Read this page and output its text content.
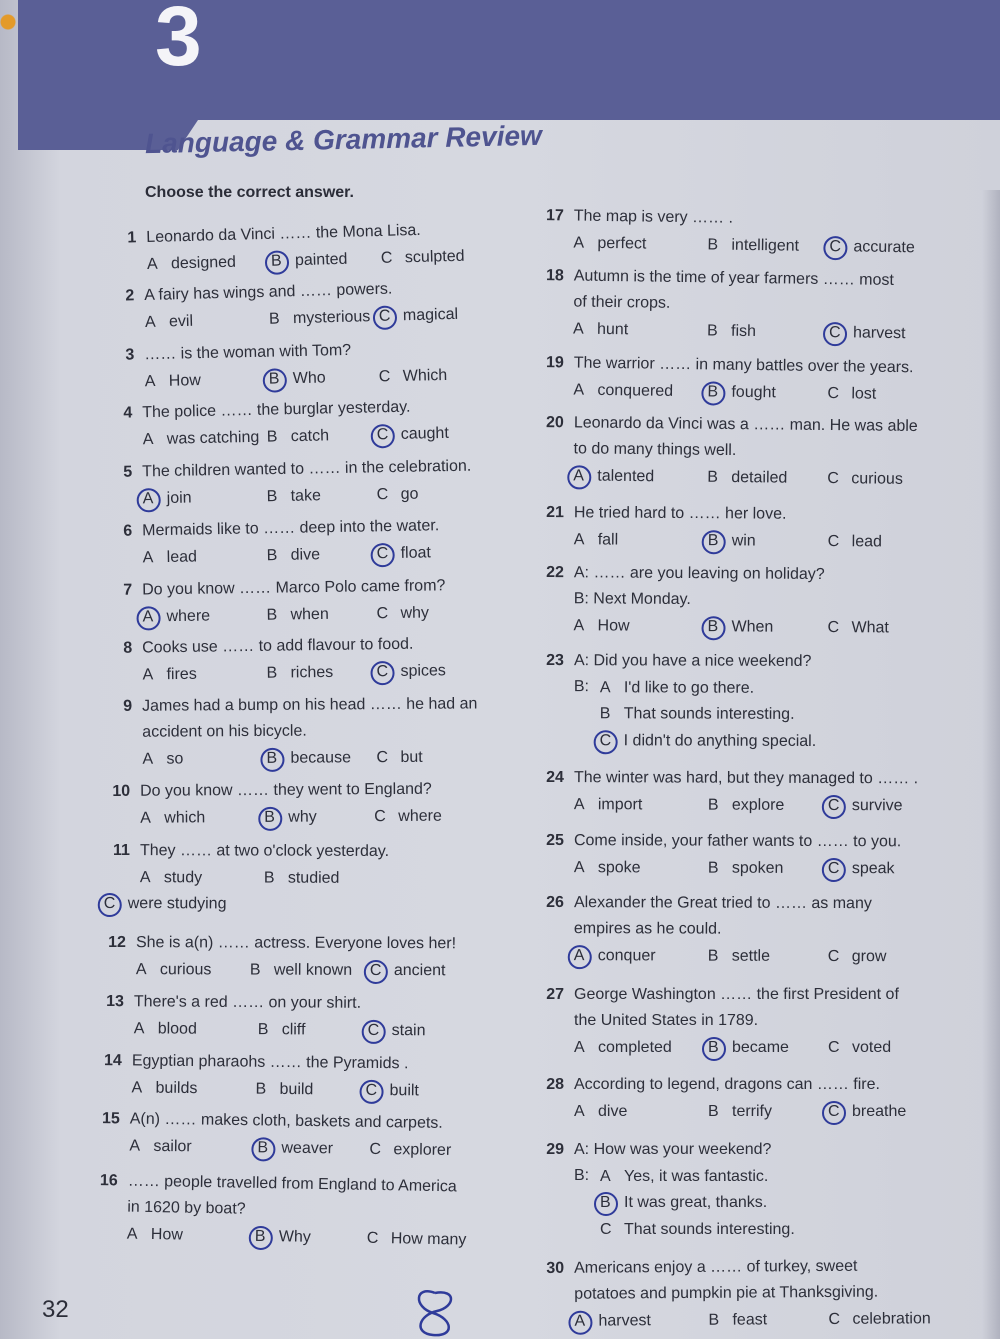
3
Language & Grammar Review
Choose the correct answer.
1 Leonardo da Vinci …… the Mona Lisa.
A designed B painted C sculpted
2 A fairy has wings and …… powers.
A evil	B mysterious C magical
3 …… is the woman with Tom?
A How	B Who	C Which
4 The police …… the burglar yesterday.
A was catching B catch	C caught
5 The children wanted to …… in the celebration.
A join	B take	C go
6 Mermaids like to …… deep into the water.
A lead	B dive	C float
7 Do you know …… Marco Polo came from?
A where	B when	C why
8 Cooks use …… to add flavour to food.
A fires	B riches	C spices
9 James had a bump on his head …… he had an
accident on his bicycle.
A so	B because C but
10 Do you know …… they went to England?
A which	B why	C where
11 They …… at two o'clock yesterday.
A study	B studied
C were studying
12 She is a(n) …… actress. Everyone loves her!
A curious B well known C ancient
13 There's a red …… on your shirt.
A blood	B cliff	C stain
14 Egyptian pharaohs …… the Pyramids .
A builds	B build	C built
15 A(n) …… makes cloth, baskets and carpets.
A sailor	B weaver C explorer
16 …… people travelled from England to America
in 1620 by boat?
A How	B Why	C How many
17 The map is very …… .
A perfect	B intelligent C accurate
18 Autumn is the time of year farmers …… most
of their crops.
A hunt	B fish	C harvest
19 The warrior …… in many battles over the years.
A conquered B fought	C lost
20 Leonardo da Vinci was a …… man. He was able
to do many things well.
A talented	B detailed C curious
21 He tried hard to …… her love.
A fall	B win	C lead
22 A: …… are you leaving on holiday?
B: Next Monday.
A How	B When	C What
23 A: Did you have a nice weekend?
B: A I'd like to go there.
B That sounds interesting.
C I didn't do anything special.
24 The winter was hard, but they managed to …… .
A import	B explore	C survive
25 Come inside, your father wants to …… to you.
A spoke	B spoken	C speak
26 Alexander the Great tried to …… as many
empires as he could.
A conquer	B settle	C grow
27 George Washington …… the first President of
the United States in 1789.
A completed B became C voted
28 According to legend, dragons can …… fire.
A dive	B terrify	C breathe
29 A: How was your weekend?
B: A Yes, it was fantastic.
B It was great, thanks.
C That sounds interesting.
30 Americans enjoy a …… of turkey, sweet
potatoes and pumpkin pie at Thanksgiving.
A harvest	B feast	C celebration
32
